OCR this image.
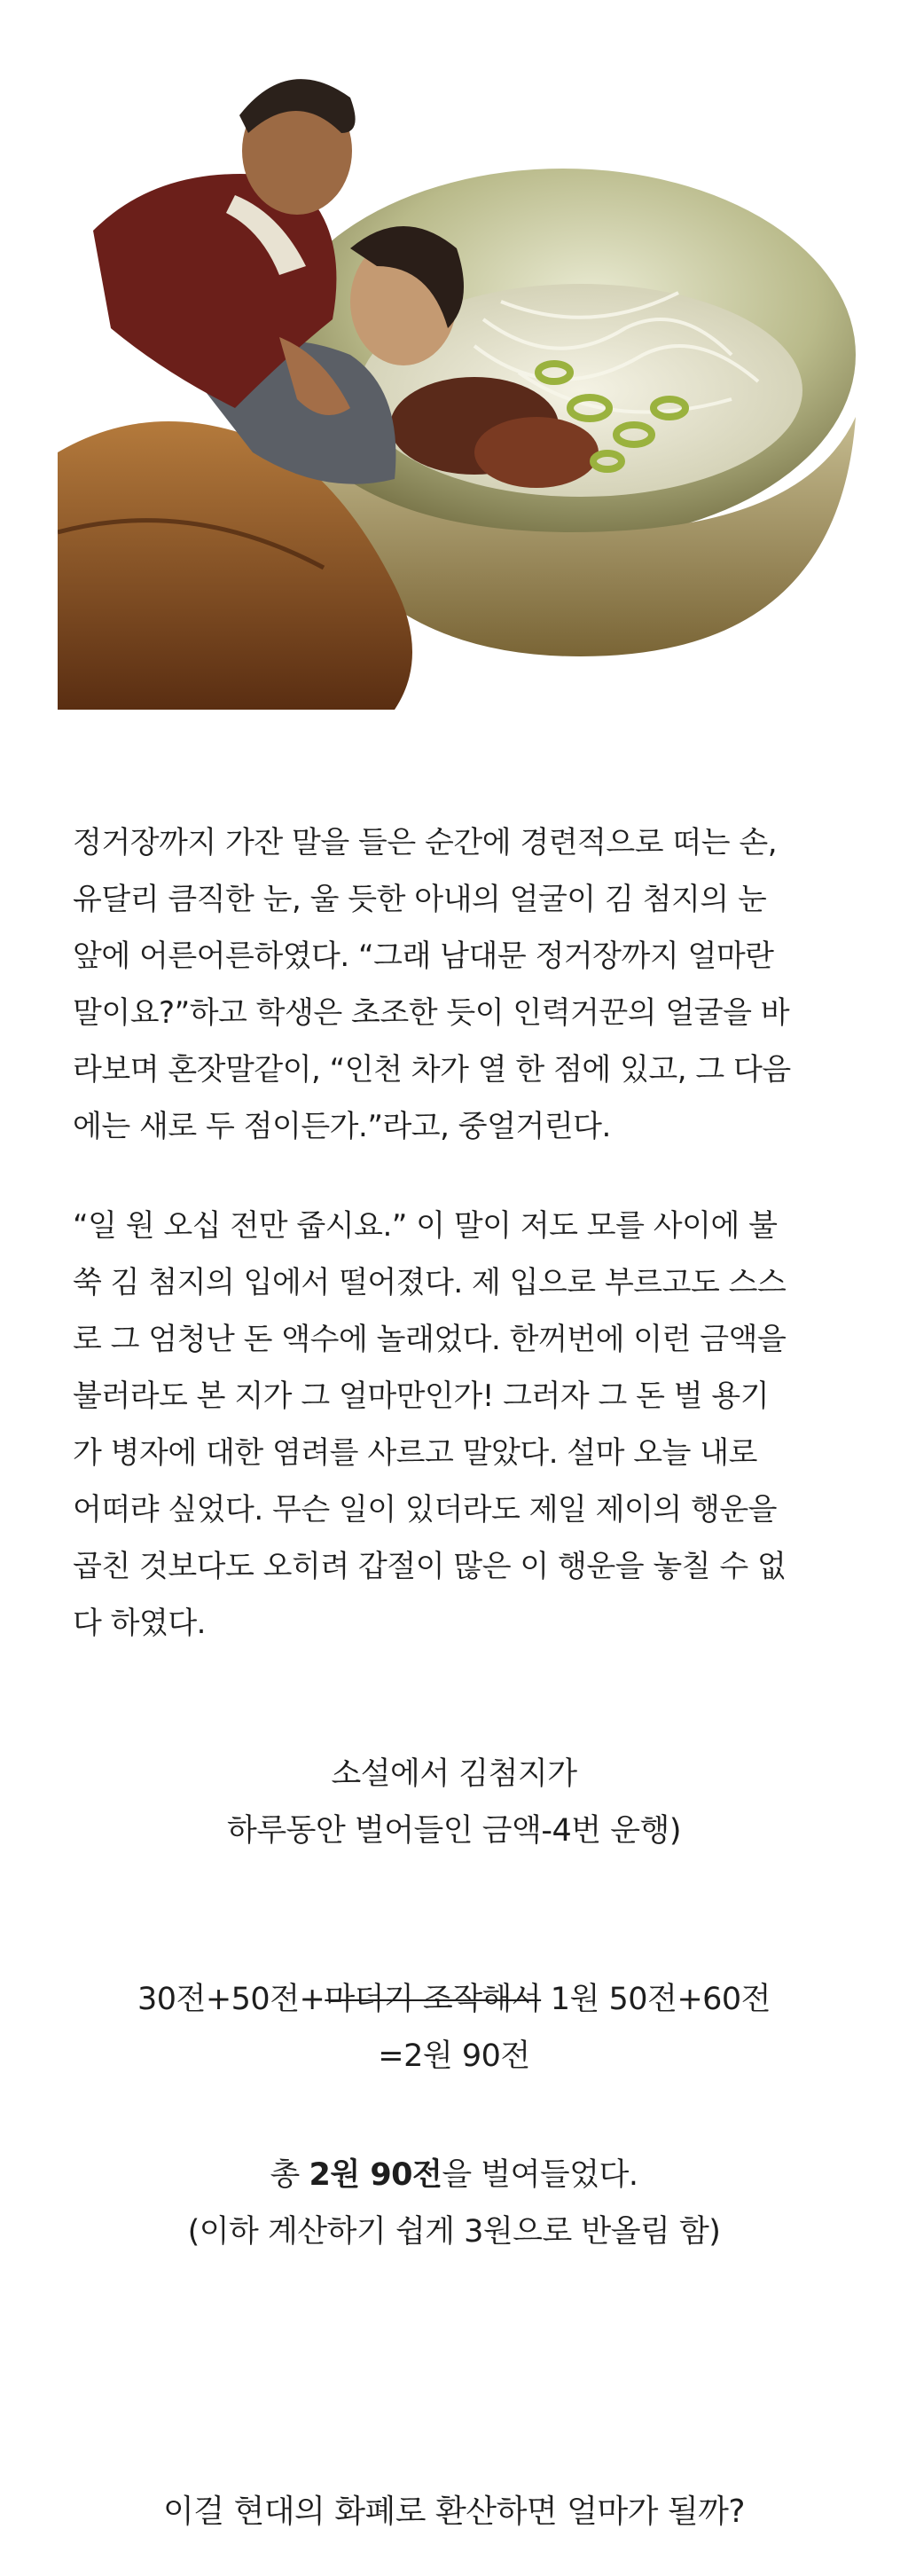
정거장까지 가잔 말을 들은 순간에 경련적으로 떠는 손,

유달리 큼직한 눈, 울 듯한 아내의 얼굴이 김 첨지의 눈

앞에 어른어른하였다. “그래 남대문 정거장까지 얼마란

말이요?”하고 학생은 초조한 듯이 인력거꾼의 얼굴을 바

라보며 혼잣말같이, “인천 차가 열 한 점에 있고, 그 다음

에는 새로 두 점이든가.”라고, 중얼거린다.

“일 원 오십 전만 줍시요.” 이 말이 저도 모를 사이에 불

쑥 김 첨지의 입에서 떨어졌다. 제 입으로 부르고도 스스

로 그 엄청난 돈 액수에 놀래었다. 한꺼번에 이런 금액을

불러라도 본 지가 그 얼마만인가! 그러자 그 돈 벌 용기

가 병자에 대한 염려를 사르고 말았다. 설마 오늘 내로

어떠랴 싶었다. 무슨 일이 있더라도 제일 제이의 행운을

곱친 것보다도 오히려 갑절이 많은 이 행운을 놓칠 수 없

다 하였다.

소설에서 김첨지가

하루동안 벌어들인 금액-4번 운행)

30전+50전+마더기 조작해서 1원 50전+60전

=2원 90전

총 2원 90전을 벌여들었다.

(이하 계산하기 쉽게 3원으로 반올림 함)

이걸 현대의 화폐로 환산하면 얼마가 될까?
